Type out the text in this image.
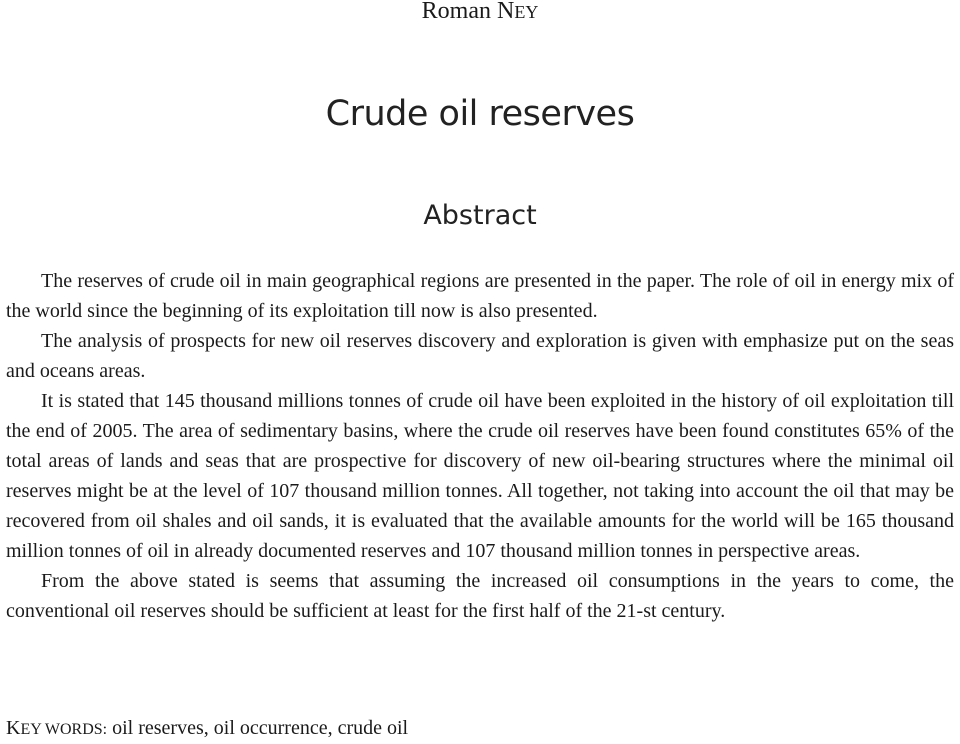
Roman NEY
Crude oil reserves
Abstract

The reserves of crude oil in main geographical regions are presented in the paper. The role of oil in energy mix of the world since the beginning of its exploitation till now is also presented.

The analysis of prospects for new oil reserves discovery and exploration is given with emphasize put on the seas and oceans areas.

It is stated that 145 thousand millions tonnes of crude oil have been exploited in the history of oil exploitation till the end of 2005. The area of sedimentary basins, where the crude oil reserves have been found constitutes 65% of the total areas of lands and seas that are prospective for discovery of new oil-bearing structures where the minimal oil reserves might be at the level of 107 thousand million tonnes. All together, not taking into account the oil that may be recovered from oil shales and oil sands, it is evaluated that the available amounts for the world will be 165 thousand million tonnes of oil in already documented reserves and 107 thousand million tonnes in perspective areas.

From the above stated is seems that assuming the increased oil consumptions in the years to come, the conventional oil reserves should be sufficient at least for the first half of the 21-st century.

KEY WORDS: oil reserves, oil occurrence, crude oil
